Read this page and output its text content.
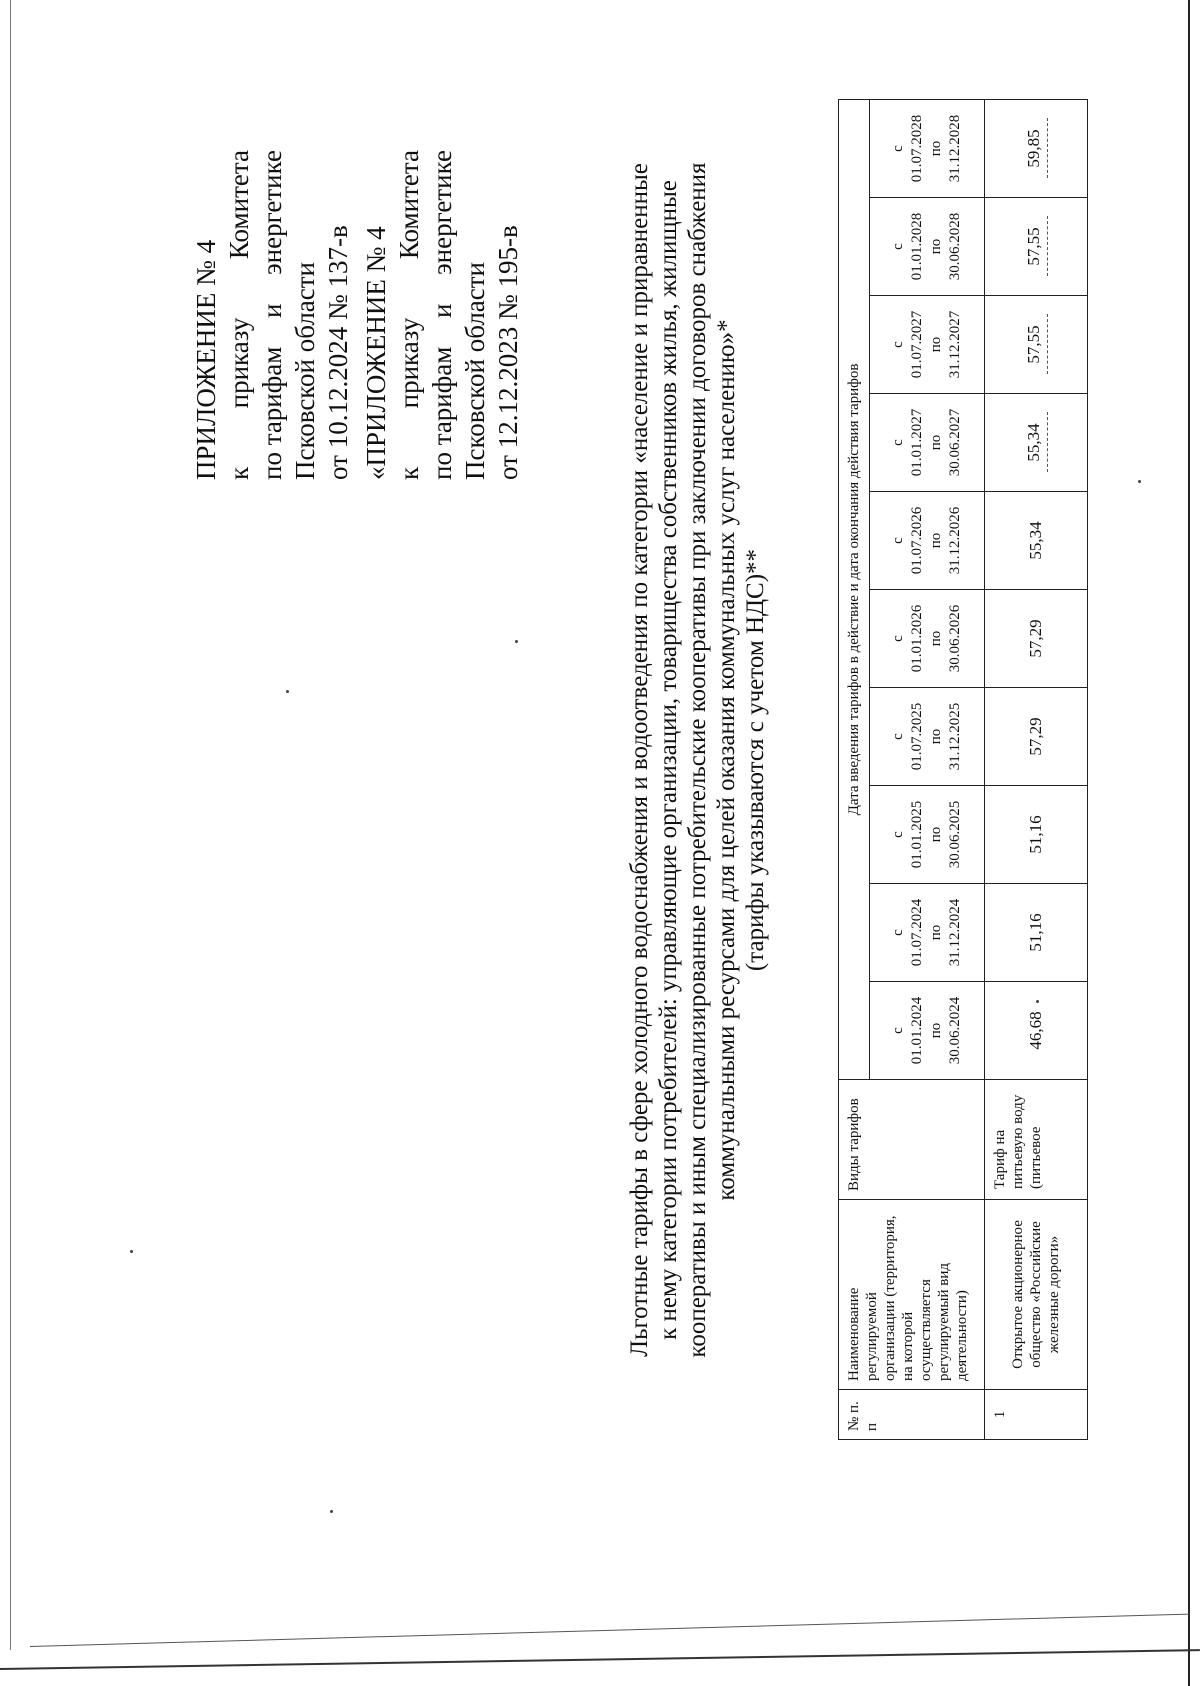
ПРИЛОЖЕНИЕ № 4 к
приказу
Комитета
по тарифам
и
энергетике
Псковской области от 10.12.2024 № 137-в «ПРИЛОЖЕНИЕ № 4 к
приказу
Комитета
по тарифам
и
энергетике
Псковской области от 12.12.2023 № 195-в	Льготные тарифы в сфере холодного водоснабжения и водоотведения по категории «население и приравненные к нему категории потребителей: управляющие организации, товарищества собственников жилья, жилищные кооперативы и иным специализированные потребительские кооперативы при заключении договоров снабжения коммунальными ресурсами для целей оказания коммунальных услуг населению»* (тарифы указываются с учетом НДС)**
№ п. п	Наименование регулируемой организации (территория, на которой осуществляется регулируемый вид деятельности)	Виды тарифов	Дата введения тарифов в действие и дата окончания действия тарифов									

			с 01.01.2024 по 30.06.2024	с 01.07.2024 по 31.12.2024	с 01.01.2025 по 30.06.2025	с 01.07.2025 по 31.12.2025	с 01.01.2026 по 30.06.2026	с 01.07.2026 по 31.12.2026	с 01.01.2027 по 30.06.2027	с 01.07.2027 по 31.12.2027	с 01.01.2028 по 30.06.2028	с 01.07.2028 по 31.12.2028

1	Открытое акционерное общество «Российские железные дороги»	Тариф на питьевую воду (питьевое	46,68	51,16	51,16	57,29	57,29	55,34	55,34	57,55	57,55	59,85
